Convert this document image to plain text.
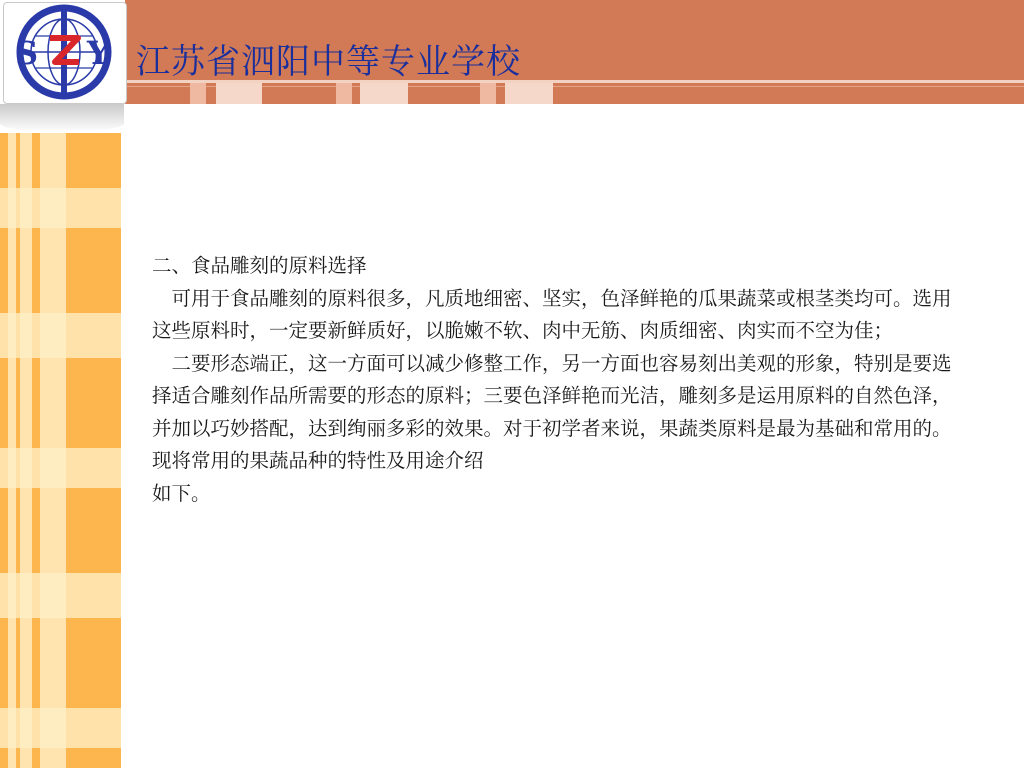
江苏省泗阳中等专业学校
S Y

二、食品雕刻的原料选择

可用于食品雕刻的原料很多，凡质地细密、坚实，色泽鲜艳的瓜果蔬菜或根茎类均可。选用这些原料时，一定要新鲜质好，以脆嫩不软、肉中无筋、肉质细密、肉实而不空为佳；

二要形态端正，这一方面可以减少修整工作，另一方面也容易刻出美观的形象，特别是要选择适合雕刻作品所需要的形态的原料；三要色泽鲜艳而光洁，雕刻多是运用原料的自然色泽，并加以巧妙搭配，达到绚丽多彩的效果。对于初学者来说，果蔬类原料是最为基础和常用的。现将常用的果蔬品种的特性及用途介绍

如下。
